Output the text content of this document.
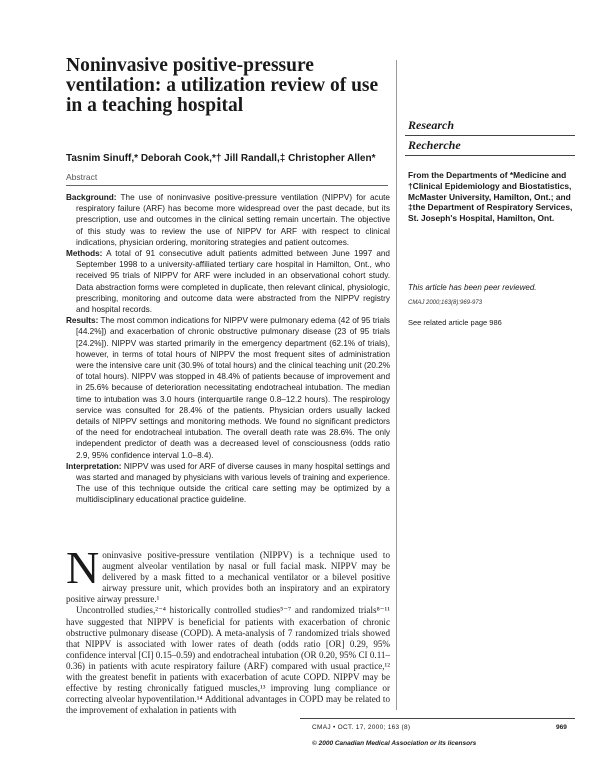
Noninvasive positive-pressure ventilation: a utilization review of use in a teaching hospital
Research
Recherche
Tasnim Sinuff,* Deborah Cook,*† Jill Randall,‡ Christopher Allen*
Abstract

Background: The use of noninvasive positive-pressure ventilation (NIPPV) for acute respiratory failure (ARF) has become more widespread over the past decade, but its prescription, use and outcomes in the clinical setting remain uncertain. The objective of this study was to review the use of NIPPV for ARF with respect to clinical indications, physician ordering, monitoring strategies and patient outcomes.

Methods: A total of 91 consecutive adult patients admitted between June 1997 and September 1998 to a university-affiliated tertiary care hospital in Hamilton, Ont., who received 95 trials of NIPPV for ARF were included in an observational cohort study. Data abstraction forms were completed in duplicate, then relevant clinical, physiologic, prescribing, monitoring and outcome data were abstracted from the NIPPV registry and hospital records.

Results: The most common indications for NIPPV were pulmonary edema (42 of 95 trials [44.2%]) and exacerbation of chronic obstructive pulmonary disease (23 of 95 trials [24.2%]). NIPPV was started primarily in the emergency department (62.1% of trials), however, in terms of total hours of NIPPV the most frequent sites of administration were the intensive care unit (30.9% of total hours) and the clinical teaching unit (20.2% of total hours). NIPPV was stopped in 48.4% of patients because of improvement and in 25.6% because of deterioration necessitating endotracheal intubation. The median time to intubation was 3.0 hours (interquartile range 0.8–12.2 hours). The respirology service was consulted for 28.4% of the patients. Physician orders usually lacked details of NIPPV settings and monitoring methods. We found no significant predictors of the need for endotracheal intubation. The overall death rate was 28.6%. The only independent predictor of death was a decreased level of consciousness (odds ratio 2.9, 95% confidence interval 1.0–8.4).

Interpretation: NIPPV was used for ARF of diverse causes in many hospital settings and was started and managed by physicians with various levels of training and experience. The use of this technique outside the critical care setting may be optimized by a multidisciplinary educational practice guideline.

Noninvasive positive-pressure ventilation (NIPPV) is a technique used to augment alveolar ventilation by nasal or full facial mask. NIPPV may be delivered by a mask fitted to a mechanical ventilator or a bilevel positive airway pressure unit, which provides both an inspiratory and an expiratory positive airway pressure.¹

Uncontrolled studies,²⁻⁴ historically controlled studies⁵⁻⁷ and randomized trials⁸⁻¹¹ have suggested that NIPPV is beneficial for patients with exacerbation of chronic obstructive pulmonary disease (COPD). A meta-analysis of 7 randomized trials showed that NIPPV is associated with lower rates of death (odds ratio [OR] 0.29, 95% confidence interval [CI] 0.15–0.59) and endotracheal intubation (OR 0.20, 95% CI 0.11–0.36) in patients with acute respiratory failure (ARF) compared with usual practice,¹² with the greatest benefit in patients with exacerbation of acute COPD. NIPPV may be effective by resting chronically fatigued muscles,¹³ improving lung compliance or correcting alveolar hypoventilation.¹⁴ Additional advantages in COPD may be related to the improvement of exhalation in patients with

From the Departments of *Medicine and †Clinical Epidemiology and Biostatistics, McMaster University, Hamilton, Ont.; and ‡the Department of Respiratory Services, St. Joseph's Hospital, Hamilton, Ont.
This article has been peer reviewed.
CMAJ 2000;163(8):969-973
See related article page 986
CMAJ • OCT. 17, 2000; 163 (8)	969
© 2000 Canadian Medical Association or its licensors
